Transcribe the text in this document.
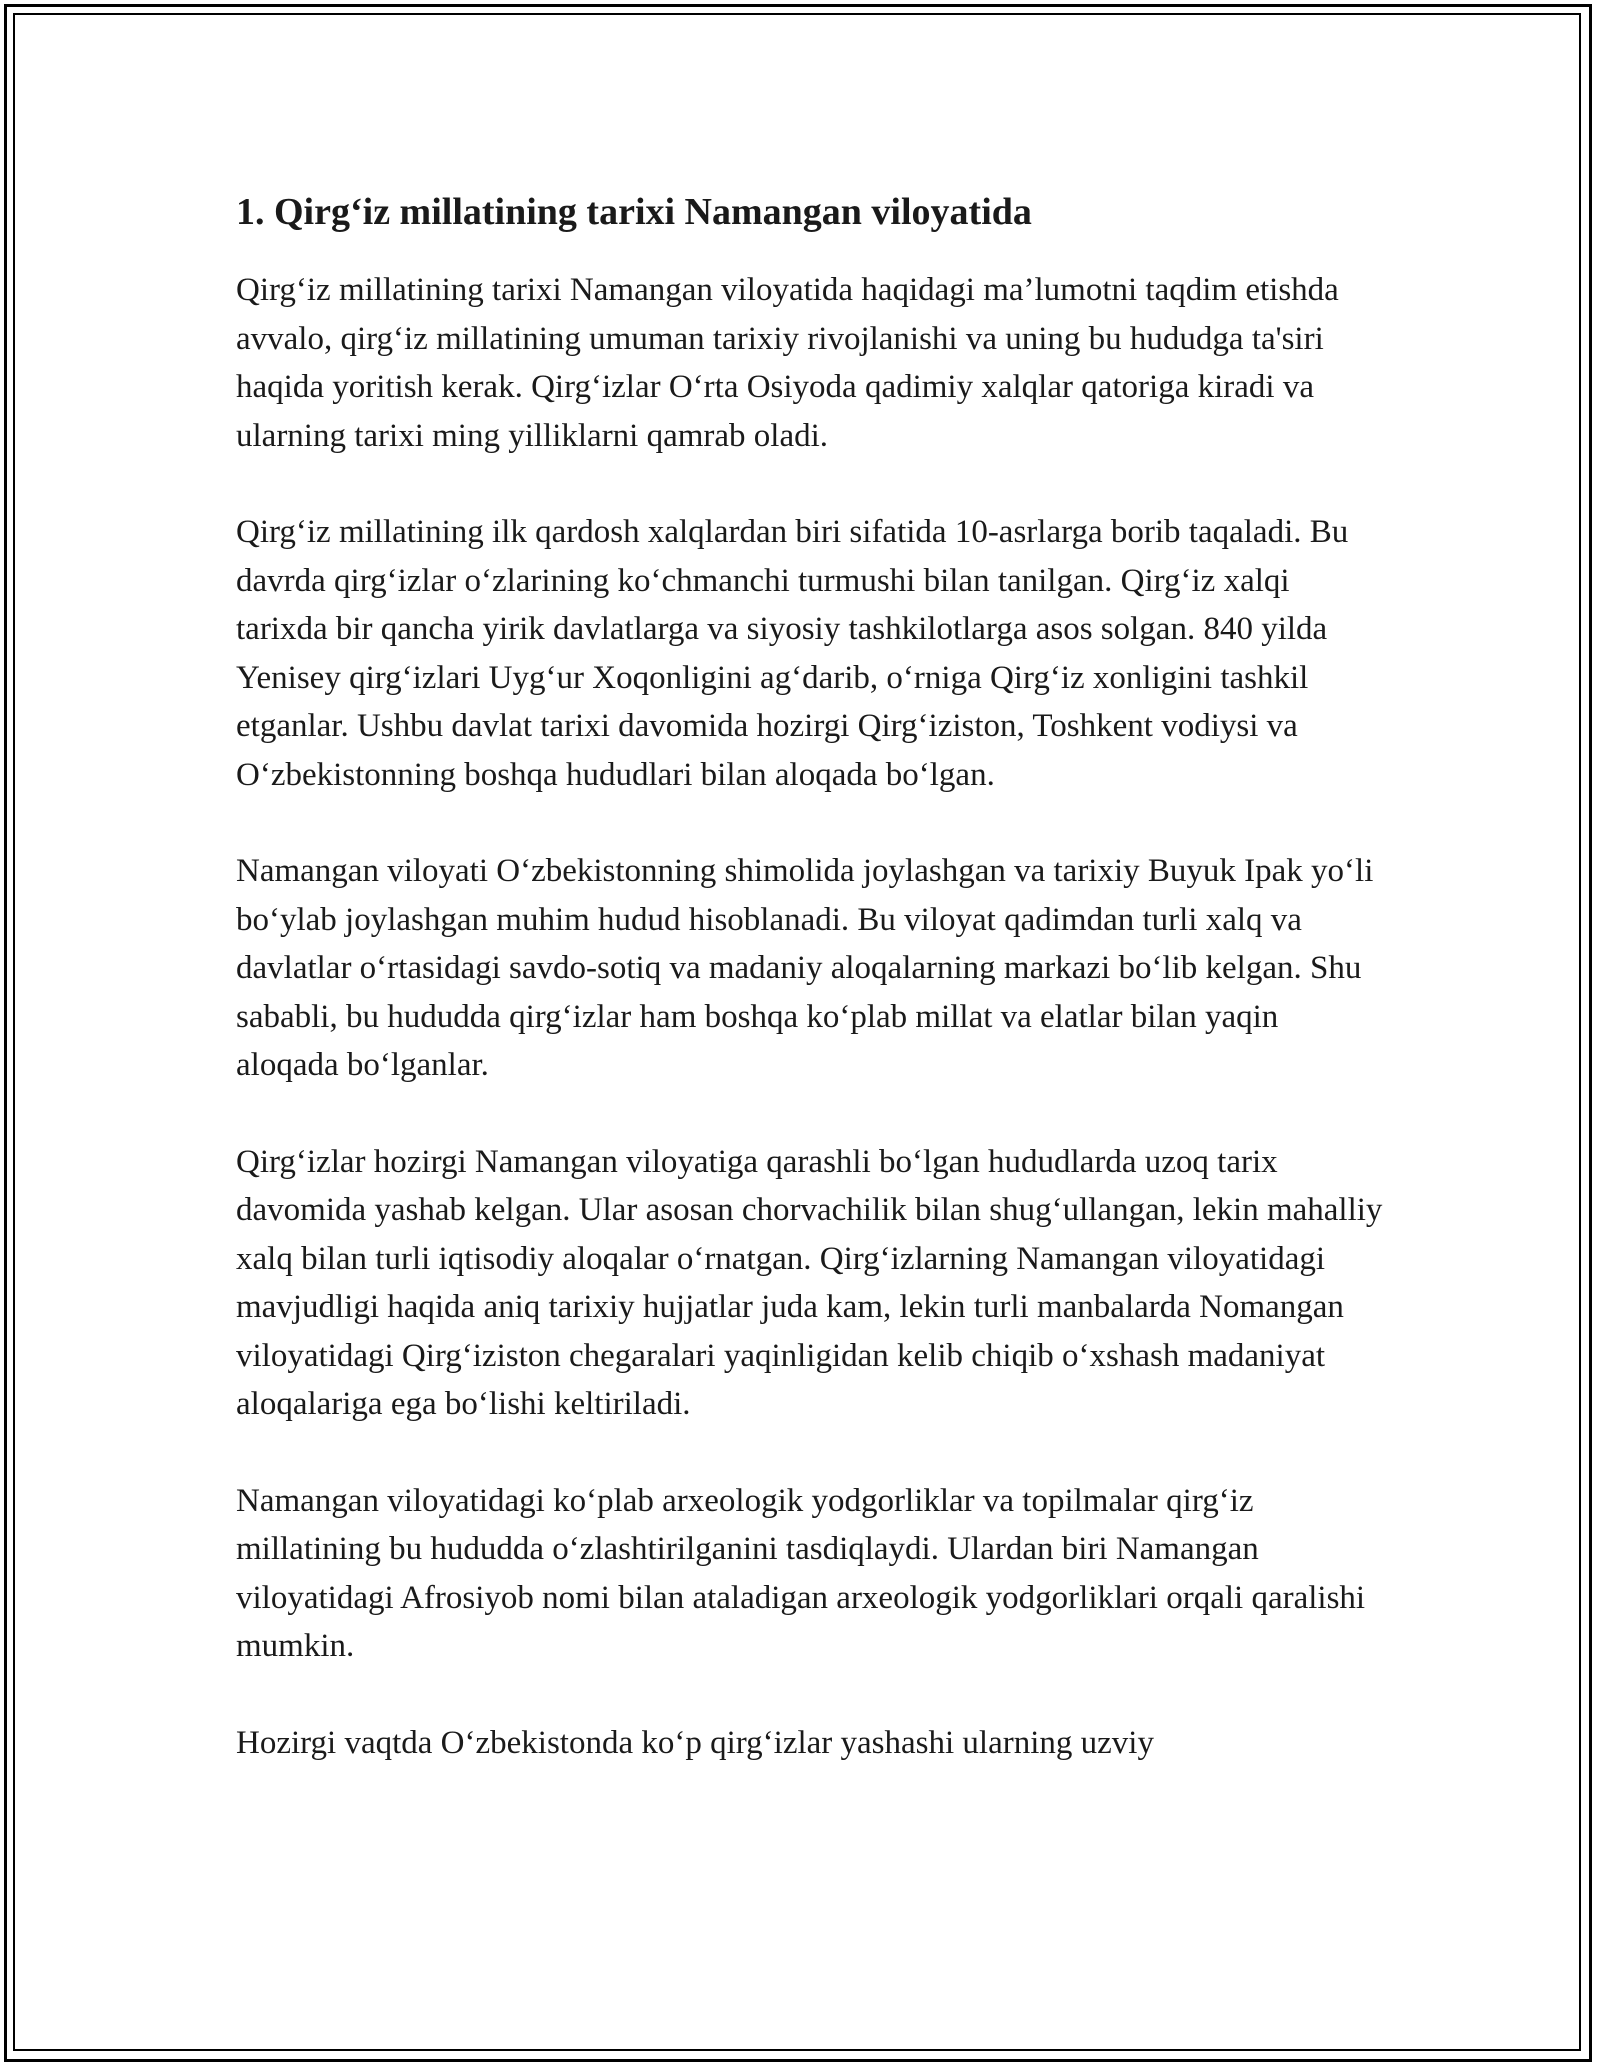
1. Qirg‘iz millatining tarixi Namangan viloyatida

Qirg‘iz millatining tarixi Namangan viloyatida haqidagi ma’lumotni taqdim etishda avvalo, qirg‘iz millatining umuman tarixiy rivojlanishi va uning bu hududga ta'siri haqida yoritish kerak. Qirg‘izlar O‘rta Osiyoda qadimiy xalqlar qatoriga kiradi va ularning tarixi ming yilliklarni qamrab oladi.

Qirg‘iz millatining ilk qardosh xalqlardan biri sifatida 10-asrlarga borib taqaladi. Bu davrda qirg‘izlar o‘zlarining ko‘chmanchi turmushi bilan tanilgan. Qirg‘iz xalqi tarixda bir qancha yirik davlatlarga va siyosiy tashkilotlarga asos solgan. 840 yilda Yenisey qirg‘izlari Uyg‘ur Xoqonligini ag‘darib, o‘rniga Qirg‘iz xonligini tashkil etganlar. Ushbu davlat tarixi davomida hozirgi Qirg‘iziston, Toshkent vodiysi va O‘zbekistonning boshqa hududlari bilan aloqada bo‘lgan.

Namangan viloyati O‘zbekistonning shimolida joylashgan va tarixiy Buyuk Ipak yo‘li bo‘ylab joylashgan muhim hudud hisoblanadi. Bu viloyat qadimdan turli xalq va davlatlar o‘rtasidagi savdo-sotiq va madaniy aloqalarning markazi bo‘lib kelgan. Shu sababli, bu hududda qirg‘izlar ham boshqa ko‘plab millat va elatlar bilan yaqin aloqada bo‘lganlar.

Qirg‘izlar hozirgi Namangan viloyatiga qarashli bo‘lgan hududlarda uzoq tarix davomida yashab kelgan. Ular asosan chorvachilik bilan shug‘ullangan, lekin mahalliy xalq bilan turli iqtisodiy aloqalar o‘rnatgan. Qirg‘izlarning Namangan viloyatidagi mavjudligi haqida aniq tarixiy hujjatlar juda kam, lekin turli manbalarda Nomangan viloyatidagi Qirg‘iziston chegaralari yaqinligidan kelib chiqib o‘xshash madaniyat aloqalariga ega bo‘lishi keltiriladi.

Namangan viloyatidagi ko‘plab arxeologik yodgorliklar va topilmalar qirg‘iz millatining bu hududda o‘zlashtirilganini tasdiqlaydi. Ulardan biri Namangan viloyatidagi Afrosiyob nomi bilan ataladigan arxeologik yodgorliklari orqali qaralishi mumkin.

Hozirgi vaqtda O‘zbekistonda ko‘p qirg‘izlar yashashi ularning uzviy
